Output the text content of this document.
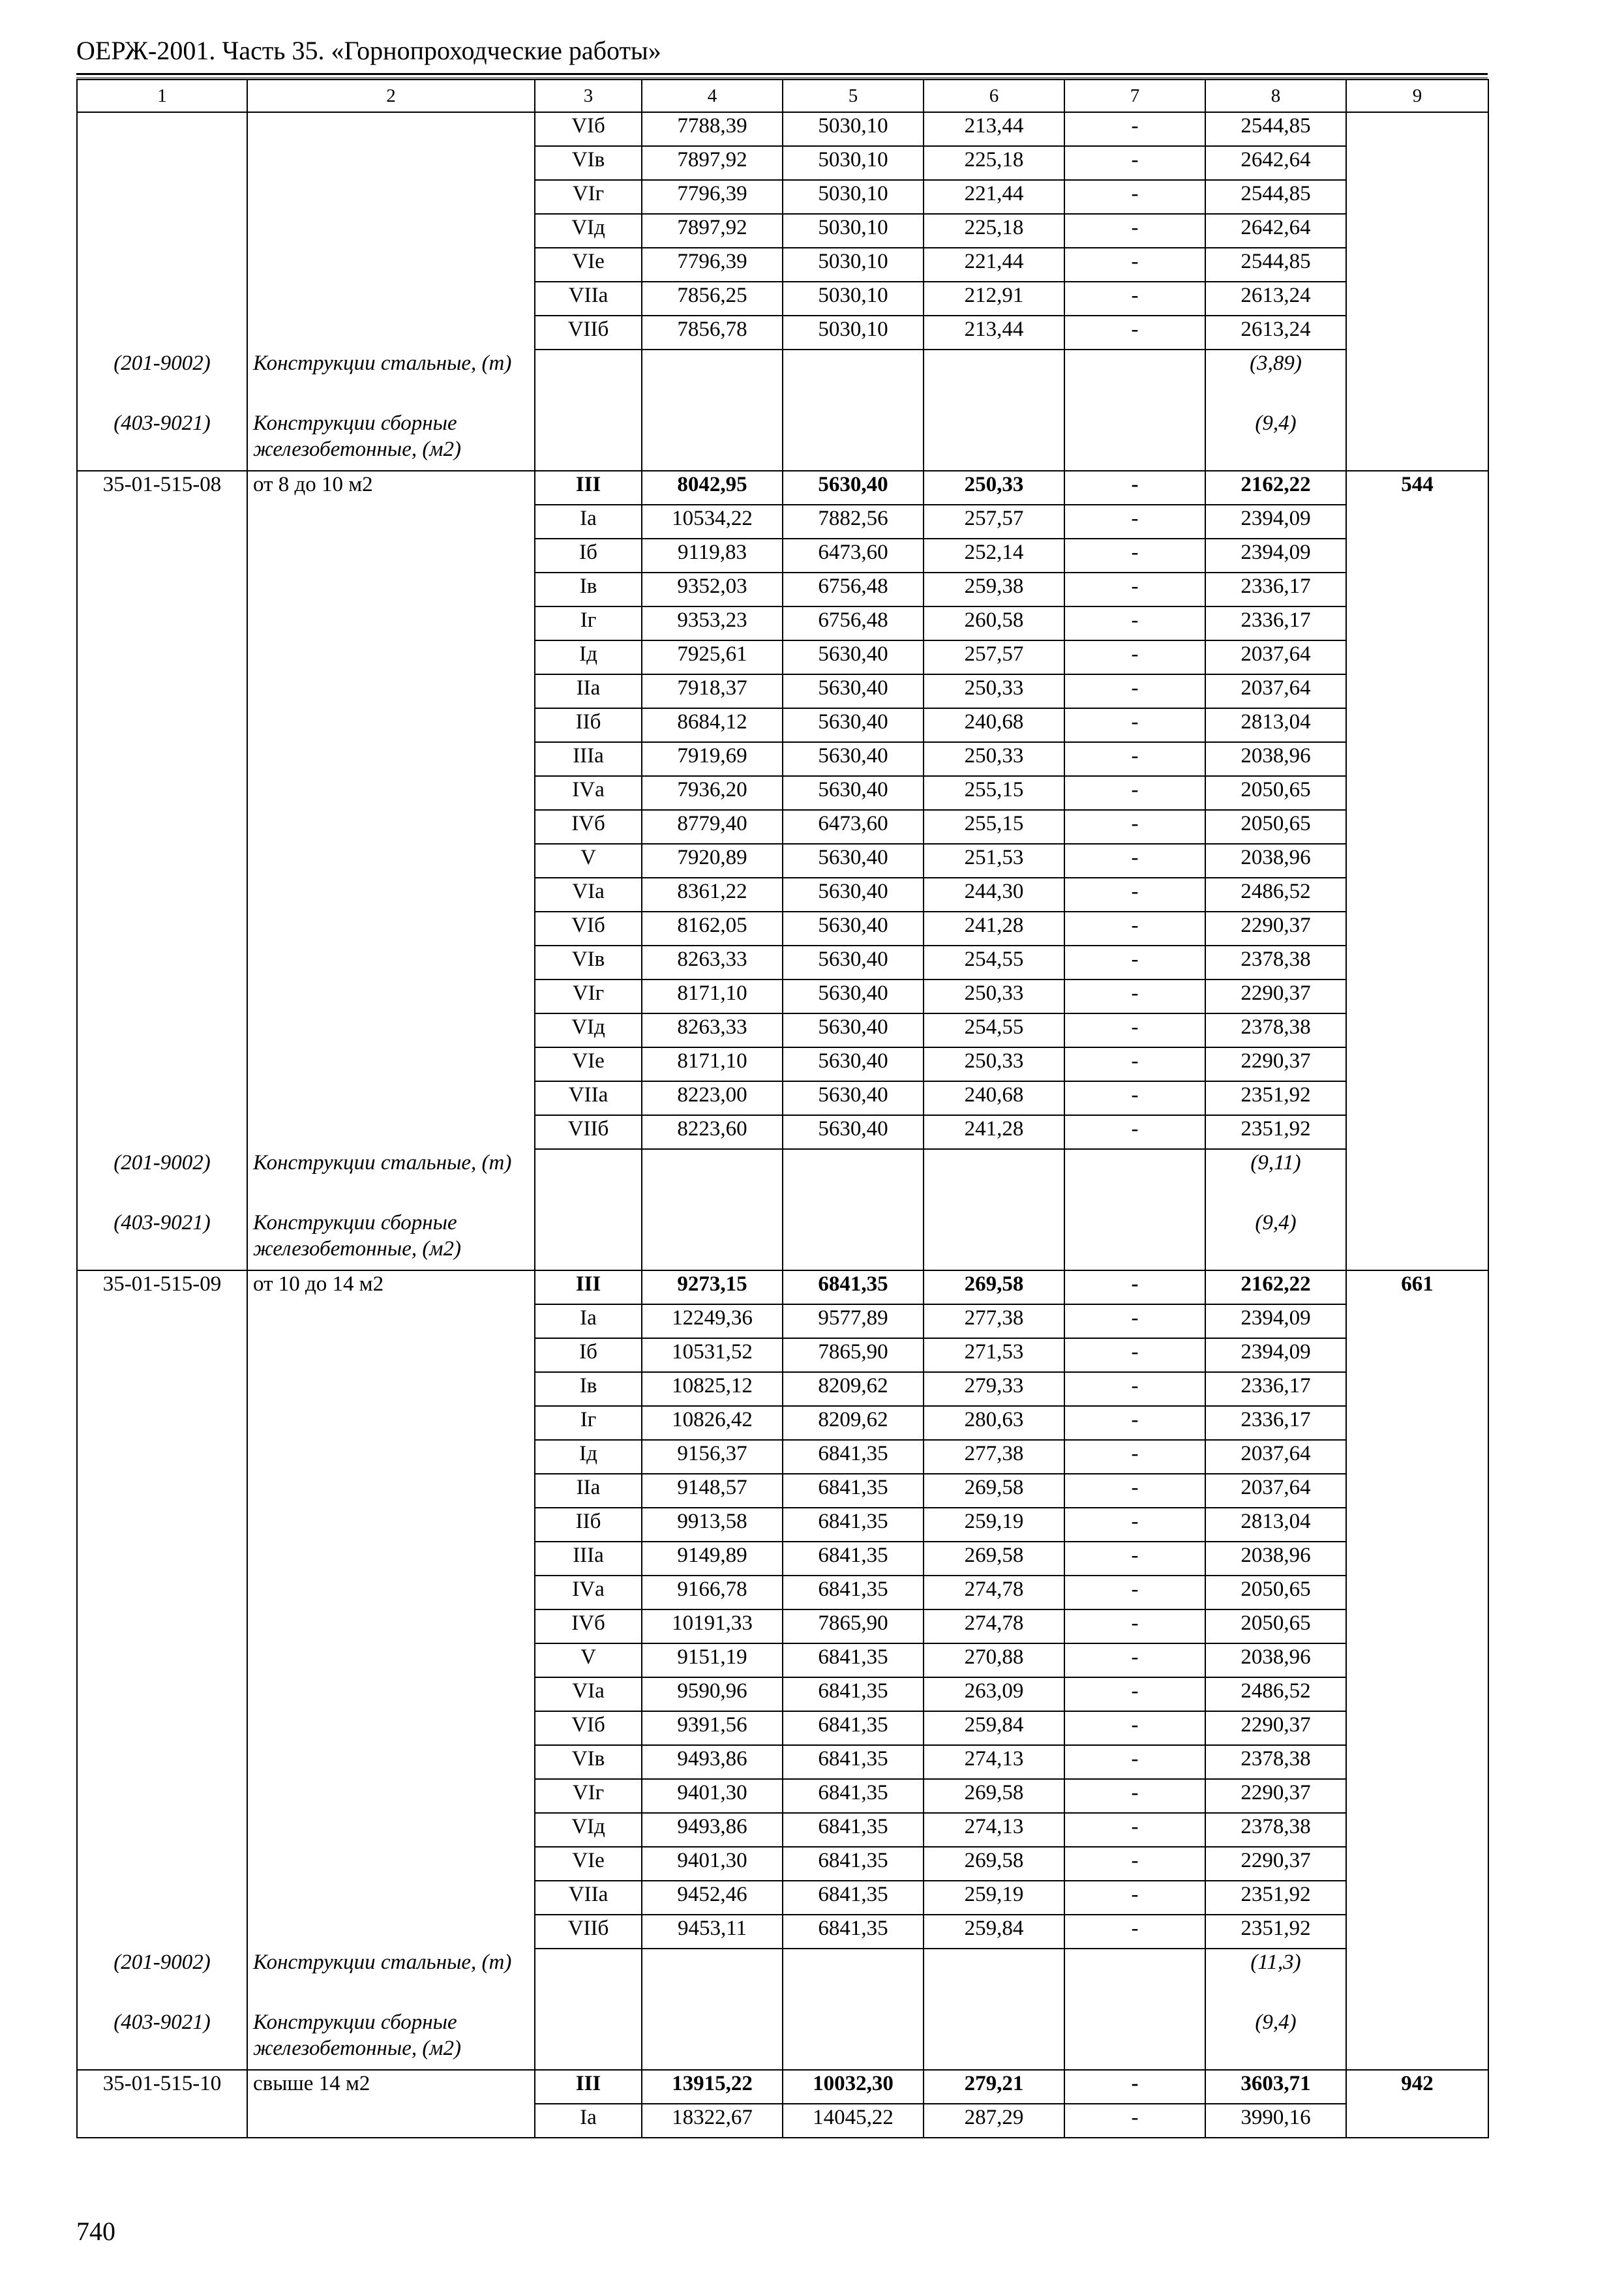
ОЕРЖ-2001. Часть 35. «Горнопроходческие работы»
1	2	3	4	5	6	7	8	9
		VIб	7788,39	5030,10	213,44	-	2544,85	
		VIв	7897,92	5030,10	225,18	-	2642,64	
		VIг	7796,39	5030,10	221,44	-	2544,85	
		VIд	7897,92	5030,10	225,18	-	2642,64	
		VIе	7796,39	5030,10	221,44	-	2544,85	
		VIIа	7856,25	5030,10	212,91	-	2613,24	
		VIIб	7856,78	5030,10	213,44	-	2613,24	
(201-9002)	Конструкции стальные, (т)						(3,89)	
(403-9021)	Конструкции сборные железобетонные, (м2)						(9,4)	
35-01-515-08	от 8 до 10 м2	III	8042,95	5630,40	250,33	-	2162,22	544
		Iа	10534,22	7882,56	257,57	-	2394,09	
		Iб	9119,83	6473,60	252,14	-	2394,09	
		Iв	9352,03	6756,48	259,38	-	2336,17	
		Iг	9353,23	6756,48	260,58	-	2336,17	
		Iд	7925,61	5630,40	257,57	-	2037,64	
		IIа	7918,37	5630,40	250,33	-	2037,64	
		IIб	8684,12	5630,40	240,68	-	2813,04	
		IIIа	7919,69	5630,40	250,33	-	2038,96	
		IVа	7936,20	5630,40	255,15	-	2050,65	
		IVб	8779,40	6473,60	255,15	-	2050,65	
		V	7920,89	5630,40	251,53	-	2038,96	
		VIа	8361,22	5630,40	244,30	-	2486,52	
		VIб	8162,05	5630,40	241,28	-	2290,37	
		VIв	8263,33	5630,40	254,55	-	2378,38	
		VIг	8171,10	5630,40	250,33	-	2290,37	
		VIд	8263,33	5630,40	254,55	-	2378,38	
		VIе	8171,10	5630,40	250,33	-	2290,37	
		VIIа	8223,00	5630,40	240,68	-	2351,92	
		VIIб	8223,60	5630,40	241,28	-	2351,92	
(201-9002)	Конструкции стальные, (т)						(9,11)	
(403-9021)	Конструкции сборные железобетонные, (м2)						(9,4)	
35-01-515-09	от 10 до 14 м2	III	9273,15	6841,35	269,58	-	2162,22	661
		Iа	12249,36	9577,89	277,38	-	2394,09	
		Iб	10531,52	7865,90	271,53	-	2394,09	
		Iв	10825,12	8209,62	279,33	-	2336,17	
		Iг	10826,42	8209,62	280,63	-	2336,17	
		Iд	9156,37	6841,35	277,38	-	2037,64	
		IIа	9148,57	6841,35	269,58	-	2037,64	
		IIб	9913,58	6841,35	259,19	-	2813,04	
		IIIа	9149,89	6841,35	269,58	-	2038,96	
		IVа	9166,78	6841,35	274,78	-	2050,65	
		IVб	10191,33	7865,90	274,78	-	2050,65	
		V	9151,19	6841,35	270,88	-	2038,96	
		VIа	9590,96	6841,35	263,09	-	2486,52	
		VIб	9391,56	6841,35	259,84	-	2290,37	
		VIв	9493,86	6841,35	274,13	-	2378,38	
		VIг	9401,30	6841,35	269,58	-	2290,37	
		VIд	9493,86	6841,35	274,13	-	2378,38	
		VIе	9401,30	6841,35	269,58	-	2290,37	
		VIIа	9452,46	6841,35	259,19	-	2351,92	
		VIIб	9453,11	6841,35	259,84	-	2351,92	
(201-9002)	Конструкции стальные, (т)						(11,3)	
(403-9021)	Конструкции сборные железобетонные, (м2)						(9,4)	
35-01-515-10	свыше 14 м2	III	13915,22	10032,30	279,21	-	3603,71	942
		Iа	18322,67	14045,22	287,29	-	3990,16	
740
